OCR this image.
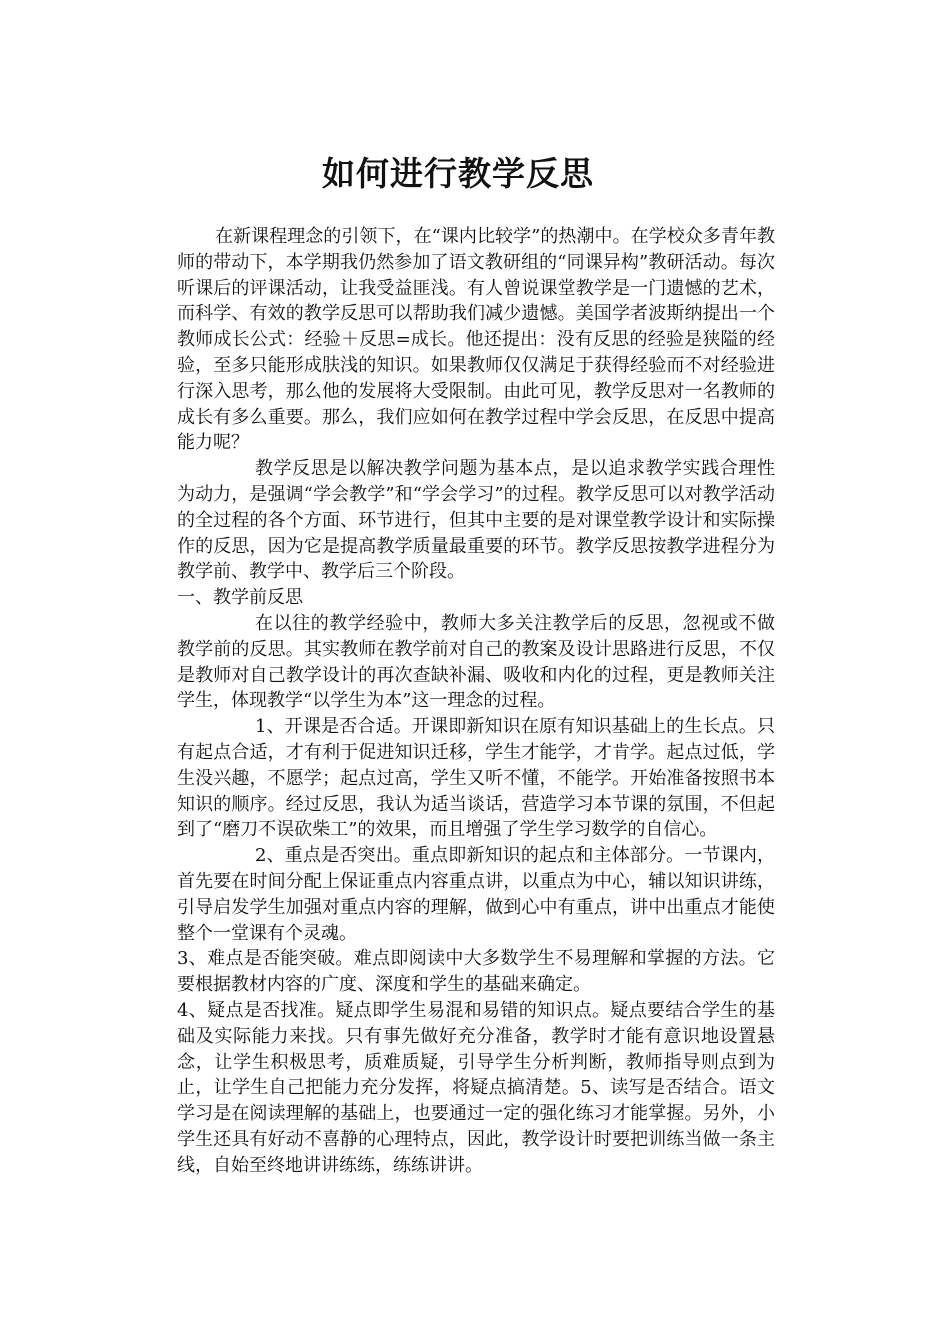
如何进行教学反思

在新课程理念的引领下，在“课内比较学”的热潮中。在学校众多青年教师的带动下，本学期我仍然参加了语文教研组的“同课异构”教研活动。每次听课后的评课活动，让我受益匪浅。有人曾说课堂教学是一门遗憾的艺术，而科学、有效的教学反思可以帮助我们减少遗憾。美国学者波斯纳提出一个教师成长公式：经验＋反思=成长。他还提出：没有反思的经验是狭隘的经验，至多只能形成肤浅的知识。如果教师仅仅满足于获得经验而不对经验进行深入思考，那么他的发展将大受限制。由此可见，教学反思对一名教师的成长有多么重要。那么，我们应如何在教学过程中学会反思，在反思中提高能力呢？

教学反思是以解决教学问题为基本点，是以追求教学实践合理性为动力，是强调“学会教学”和“学会学习”的过程。教学反思可以对教学活动的全过程的各个方面、环节进行，但其中主要的是对课堂教学设计和实际操作的反思，因为它是提高教学质量最重要的环节。教学反思按教学进程分为教学前、教学中、教学后三个阶段。

一、教学前反思

在以往的教学经验中，教师大多关注教学后的反思，忽视或不做教学前的反思。其实教师在教学前对自己的教案及设计思路进行反思，不仅是教师对自己教学设计的再次查缺补漏、吸收和内化的过程，更是教师关注学生，体现教学“以学生为本”这一理念的过程。

1、开课是否合适。开课即新知识在原有知识基础上的生长点。只有起点合适，才有利于促进知识迁移，学生才能学，才肯学。起点过低，学生没兴趣，不愿学；起点过高，学生又听不懂，不能学。开始准备按照书本知识的顺序。经过反思，我认为适当谈话，营造学习本节课的氛围，不但起到了“磨刀不误砍柴工”的效果，而且增强了学生学习数学的自信心。

2、重点是否突出。重点即新知识的起点和主体部分。一节课内，首先要在时间分配上保证重点内容重点讲，以重点为中心，辅以知识讲练，引导启发学生加强对重点内容的理解，做到心中有重点，讲中出重点才能使整个一堂课有个灵魂。

3、难点是否能突破。难点即阅读中大多数学生不易理解和掌握的方法。它要根据教材内容的广度、深度和学生的基础来确定。

4、疑点是否找准。疑点即学生易混和易错的知识点。疑点要结合学生的基础及实际能力来找。只有事先做好充分准备，教学时才能有意识地设置悬念，让学生积极思考，质难质疑，引导学生分析判断，教师指导则点到为止，让学生自己把能力充分发挥，将疑点搞清楚。5、读写是否结合。语文学习是在阅读理解的基础上，也要通过一定的强化练习才能掌握。另外，小学生还具有好动不喜静的心理特点，因此，教学设计时要把训练当做一条主线，自始至终地讲讲练练，练练讲讲。
